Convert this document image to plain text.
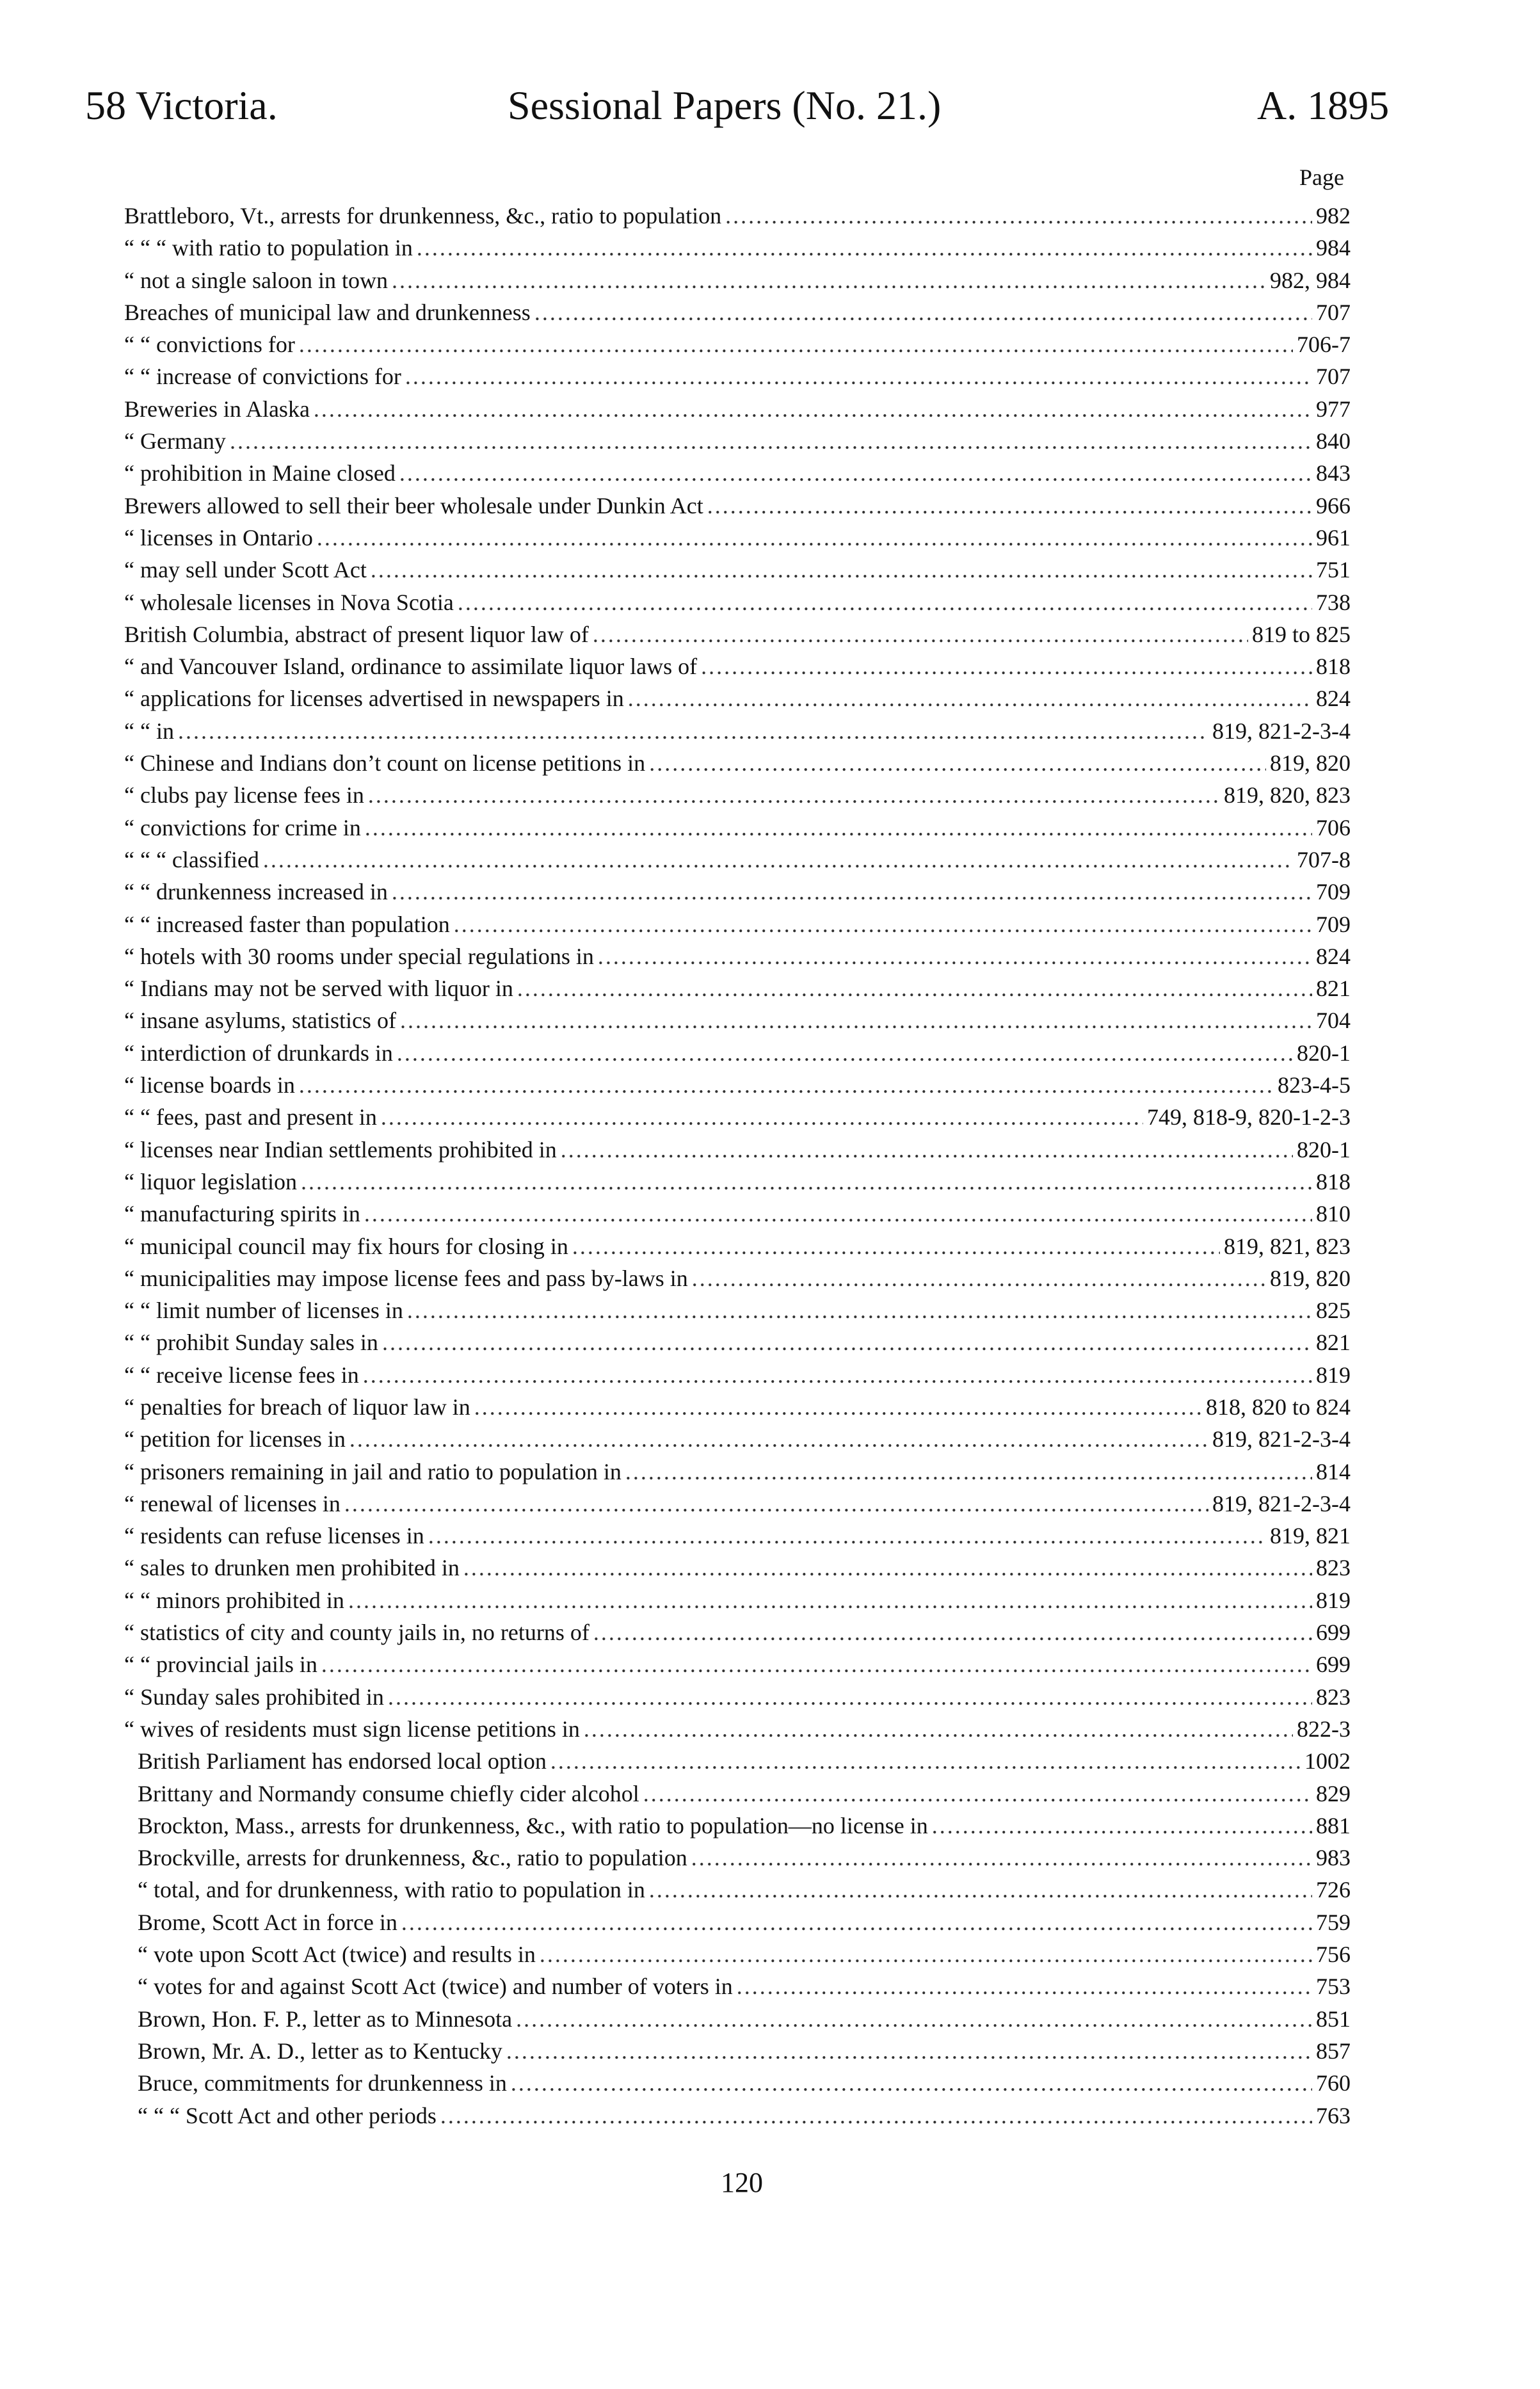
58 Victoria.	Sessional Papers (No. 21.)	A. 1895
Page
Brattleboro, Vt., arrests for drunkenness, &c., ratio to population .....	982
“ “ “ with ratio to population in .....	984
“ not a single saloon in town .....	982, 984
Breaches of municipal law and drunkenness .....	707
“ “ convictions for .....	706-7
“ “ increase of convictions for .....	707
Breweries in Alaska .....	977
“ Germany .....	840
“ prohibition in Maine closed .....	843
Brewers allowed to sell their beer wholesale under Dunkin Act .....	966
“ licenses in Ontario .....	961
“ may sell under Scott Act .....	751
“ wholesale licenses in Nova Scotia .....	738
British Columbia, abstract of present liquor law of .....	819 to 825
“ and Vancouver Island, ordinance to assimilate liquor laws of .....	818
“ applications for licenses advertised in newspapers in .....	824
“ “ in .....	819, 821-2-3-4
“ Chinese and Indians don’t count on license petitions in .....	819, 820
“ clubs pay license fees in .....	819, 820, 823
“ convictions for crime in .....	706
“ “ “ classified .....	707-8
“ “ drunkenness increased in .....	709
“ “ increased faster than population .....	709
“ hotels with 30 rooms under special regulations in .....	824
“ Indians may not be served with liquor in .....	821
“ insane asylums, statistics of .....	704
“ interdiction of drunkards in .....	820-1
“ license boards in .....	823-4-5
“ “ fees, past and present in .....	749, 818-9, 820-1-2-3
“ licenses near Indian settlements prohibited in .....	820-1
“ liquor legislation .....	818
“ manufacturing spirits in .....	810
“ municipal council may fix hours for closing in .....	819, 821, 823
“ municipalities may impose license fees and pass by-laws in .....	819, 820
“ “ limit number of licenses in .....	825
“ “ prohibit Sunday sales in .....	821
“ “ receive license fees in .....	819
“ penalties for breach of liquor law in .....	818, 820 to 824
“ petition for licenses in .....	819, 821-2-3-4
“ prisoners remaining in jail and ratio to population in .....	814
“ renewal of licenses in .....	819, 821-2-3-4
“ residents can refuse licenses in .....	819, 821
“ sales to drunken men prohibited in .....	823
“ “ minors prohibited in .....	819
“ statistics of city and county jails in, no returns of .....	699
“ “ provincial jails in .....	699
“ Sunday sales prohibited in .....	823
“ wives of residents must sign license petitions in .....	822-3
British Parliament has endorsed local option .....	1002
Brittany and Normandy consume chiefly cider alcohol .....	829
Brockton, Mass., arrests for drunkenness, &c., with ratio to population—no license in .....	881
Brockville, arrests for drunkenness, &c., ratio to population .....	983
“ total, and for drunkenness, with ratio to population in .....	726
Brome, Scott Act in force in .....	759
“ vote upon Scott Act (twice) and results in .....	756
“ votes for and against Scott Act (twice) and number of voters in .....	753
Brown, Hon. F. P., letter as to Minnesota .....	851
Brown, Mr. A. D., letter as to Kentucky .....	857
Bruce, commitments for drunkenness in .....	760
“ “ “ Scott Act and other periods .....	763
120
